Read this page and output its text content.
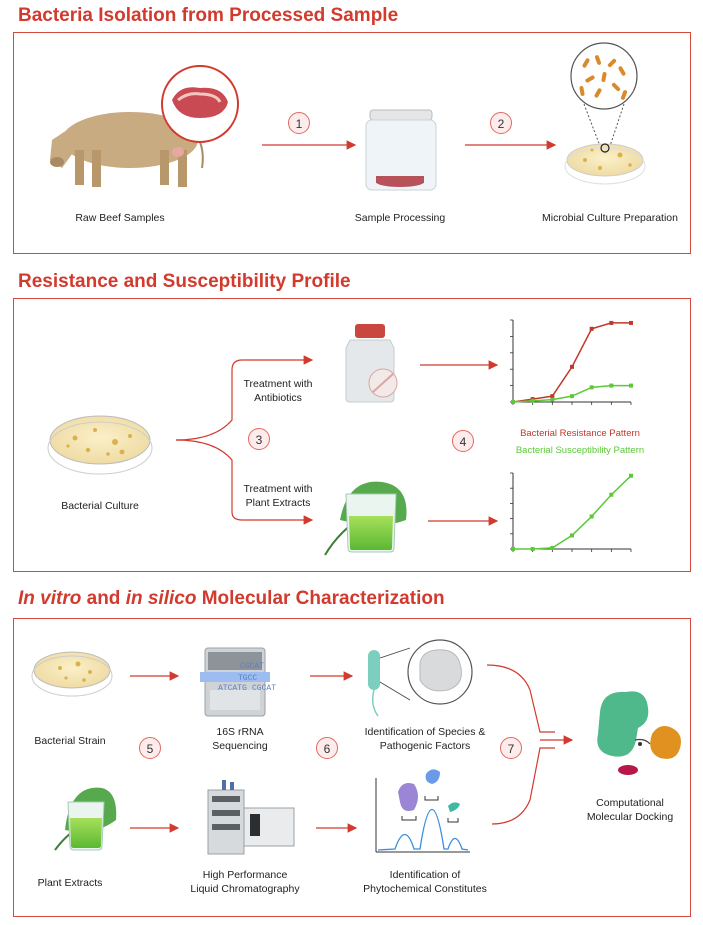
Bacteria Isolation from Processed Sample
CGCAT
TGCC
ATCATG CGCAT
Raw Beef Samples	Sample Processing	Microbial Culture Preparation
1	2
Resistance and Susceptibility Profile
Bacterial Culture
Treatment with
Antibiotics
Treatment with
Plant Extracts
3	4
Bacterial Resistance Pattern
Bacterial Susceptibility Pattern
In vitro and in silico Molecular Characterization
Bacterial Strain
16S rRNA
Sequencing
Identification of Species &
Pathogenic Factors
5	6	7
Plant Extracts
High Performance
Liquid Chromatography
Identification of
Phytochemical Constitutes
Computational
Molecular Docking
